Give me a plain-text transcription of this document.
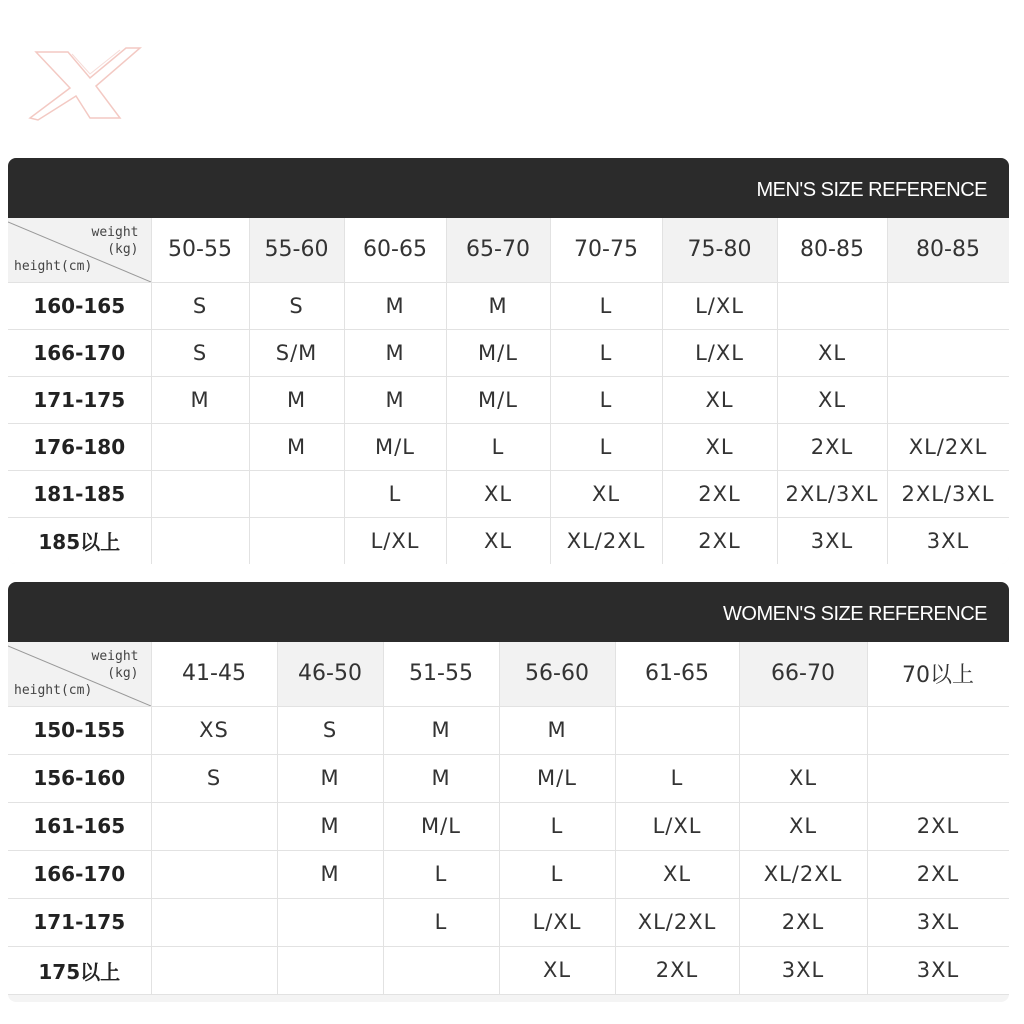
MEN'S SIZE REFERENCE
weight
(kg)
height(cm)	50-55	55-60	60-65	65-70	70-75	75-80	80-85	80-85
160-165	S	S	M	M	L	L/XL		
166-170	S	S/M	M	M/L	L	L/XL	XL	
171-175	M	M	M	M/L	L	XL	XL	
176-180		M	M/L	L	L	XL	2XL	XL/2XL
181-185			L	XL	XL	2XL	2XL/3XL	2XL/3XL
185以上			L/XL	XL	XL/2XL	2XL	3XL	3XL
WOMEN'S SIZE REFERENCE
weight
(kg)
height(cm)	41-45	46-50	51-55	56-60	61-65	66-70	70以上
150-155	XS	S	M	M			
156-160	S	M	M	M/L	L	XL	
161-165		M	M/L	L	L/XL	XL	2XL
166-170		M	L	L	XL	XL/2XL	2XL
171-175			L	L/XL	XL/2XL	2XL	3XL
175以上				XL	2XL	3XL	3XL
